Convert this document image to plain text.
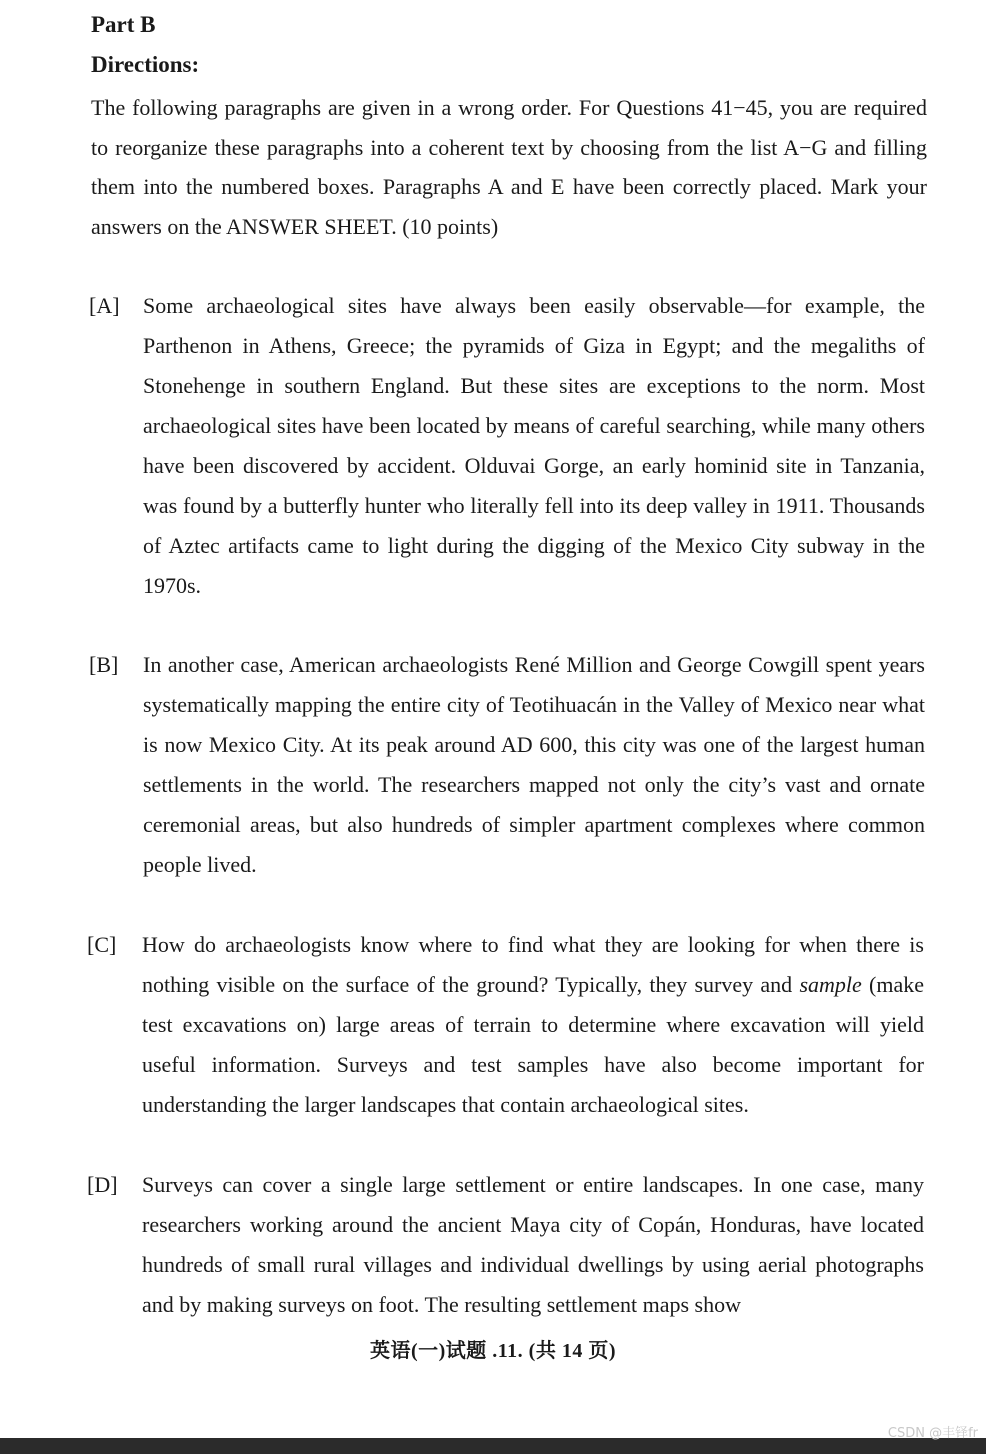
Part B
Directions:
The following paragraphs are given in a wrong order. For Questions 41−45, you are required to reorganize these paragraphs into a coherent text by choosing from the list A−G and filling them into the numbered boxes. Paragraphs A and E have been correctly placed. Mark your answers on the ANSWER SHEET. (10 points)
[A] Some archaeological sites have always been easily observable—for example, the Parthenon in Athens, Greece; the pyramids of Giza in Egypt; and the megaliths of Stonehenge in southern England. But these sites are exceptions to the norm. Most archaeological sites have been located by means of careful searching, while many others have been discovered by accident. Olduvai Gorge, an early hominid site in Tanzania, was found by a butterfly hunter who literally fell into its deep valley in 1911. Thousands of Aztec artifacts came to light during the digging of the Mexico City subway in the 1970s.
[B] In another case, American archaeologists René Million and George Cowgill spent years systematically mapping the entire city of Teotihuacán in the Valley of Mexico near what is now Mexico City. At its peak around AD 600, this city was one of the largest human settlements in the world. The researchers mapped not only the city’s vast and ornate ceremonial areas, but also hundreds of simpler apartment complexes where common people lived.
[C] How do archaeologists know where to find what they are looking for when there is nothing visible on the surface of the ground? Typically, they survey and sample (make test excavations on) large areas of terrain to determine where excavation will yield useful information. Surveys and test samples have also become important for understanding the larger landscapes that contain archaeological sites.
[D] Surveys can cover a single large settlement or entire landscapes. In one case, many researchers working around the ancient Maya city of Copán, Honduras, have located hundreds of small rural villages and individual dwellings by using aerial photographs and by making surveys on foot. The resulting settlement maps show
英语(一)试题 .11. (共 14 页)
CSDN @丰铎fr
